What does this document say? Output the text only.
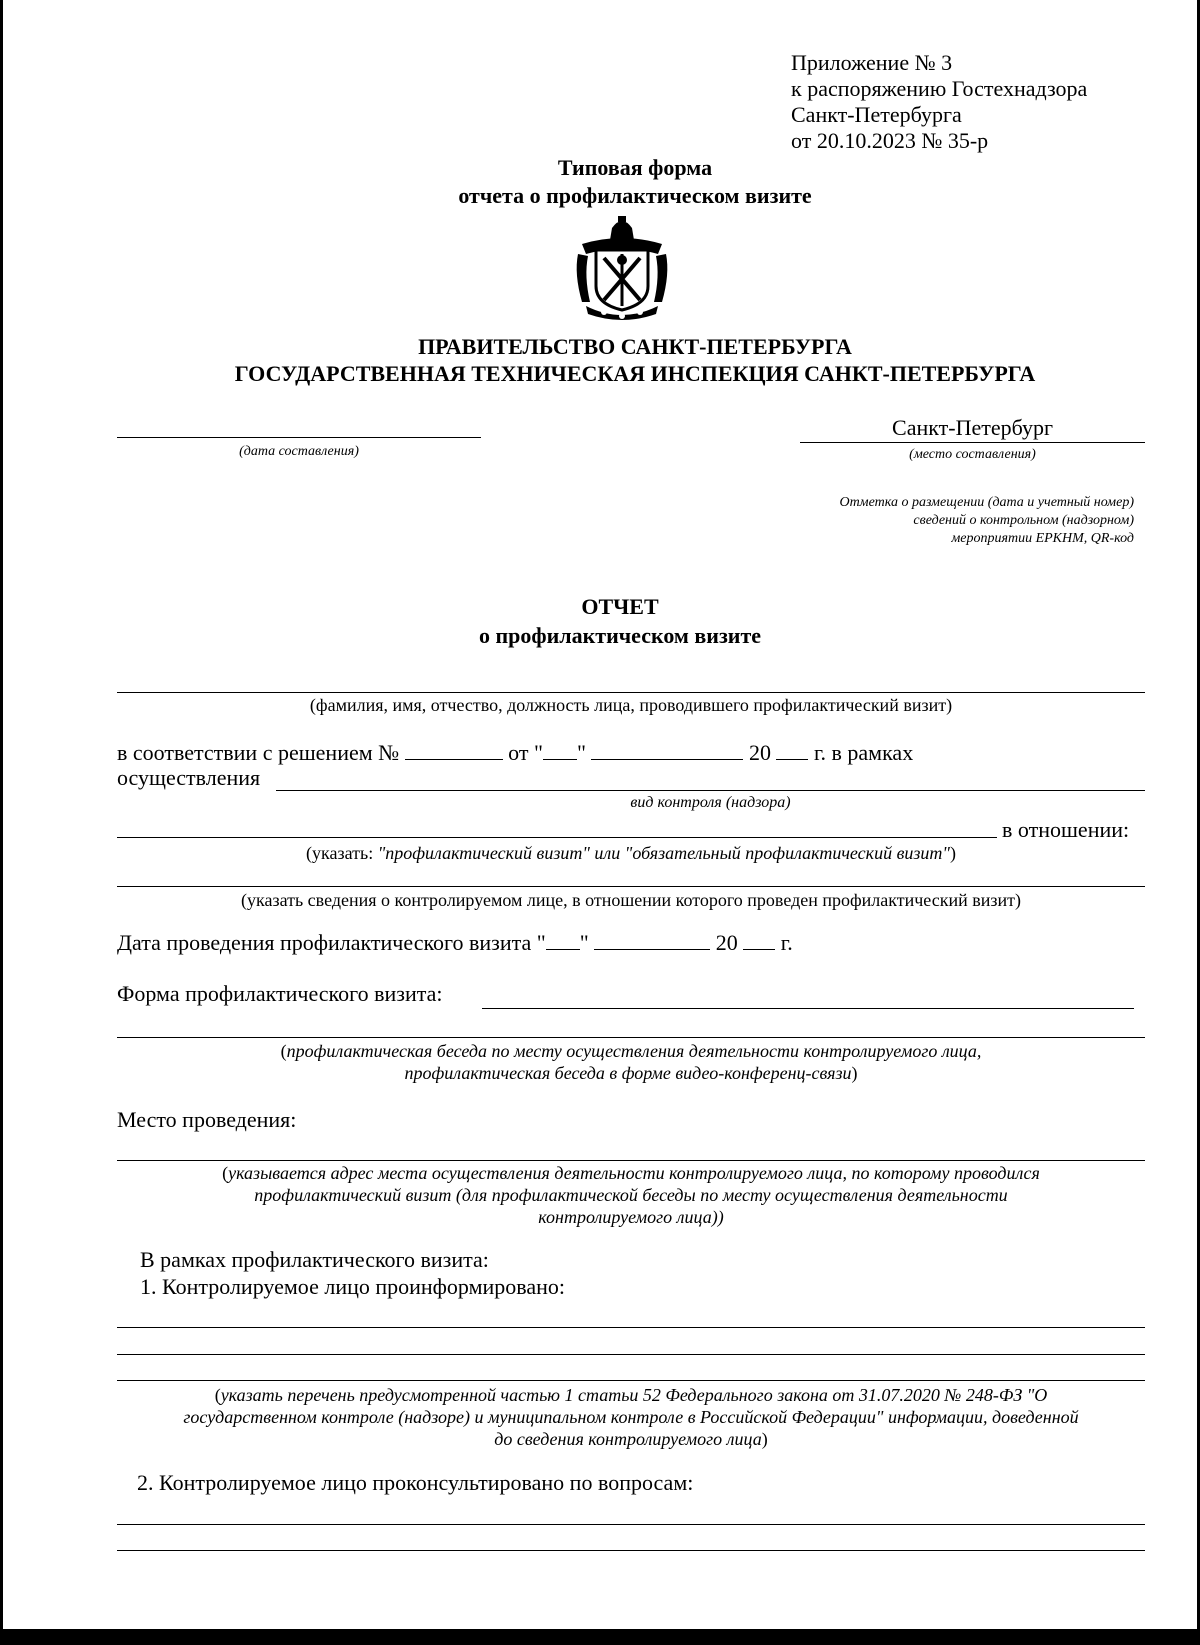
Приложение № 3
к распоряжению Гостехнадзора
Санкт-Петербурга
от 20.10.2023 № 35-р
Типовая форма
отчета о профилактическом визите
ПРАВИТЕЛЬСТВО САНКТ-ПЕТЕРБУРГА
ГОСУДАРСТВЕННАЯ ТЕХНИЧЕСКАЯ ИНСПЕКЦИЯ САНКТ-ПЕТЕРБУРГА
(дата составления)
Санкт-Петербург
(место составления)
Отметка о размещении (дата и учетный номер)
сведений о контрольном (надзорном)
мероприятии ЕРКНМ, QR-код
ОТЧЕТ
о профилактическом визите
(фамилия, имя, отчество, должность лица, проводившего профилактический визит)
в соответствии с решением №	от " "	20 г. в рамках
осуществления
вид контроля (надзора)
в отношении:
(указать: "профилактический визит" или "обязательный профилактический визит")
(указать сведения о контролируемом лице, в отношении которого проведен профилактический визит)
Дата проведения профилактического визита " "	20 г.
Форма профилактического визита:
(профилактическая беседа по месту осуществления деятельности контролируемого лица,
профилактическая беседа в форме видео-конференц-связи)
Место проведения:
(указывается адрес места осуществления деятельности контролируемого лица, по которому проводился
профилактический визит (для профилактической беседы по месту осуществления деятельности
контролируемого лица))
В рамках профилактического визита:
1. Контролируемое лицо проинформировано:
(указать перечень предусмотренной частью 1 статьи 52 Федерального закона от 31.07.2020 № 248-ФЗ "О
государственном контроле (надзоре) и муниципальном контроле в Российской Федерации" информации, доведенной
до сведения контролируемого лица)
2. Контролируемое лицо проконсультировано по вопросам:
